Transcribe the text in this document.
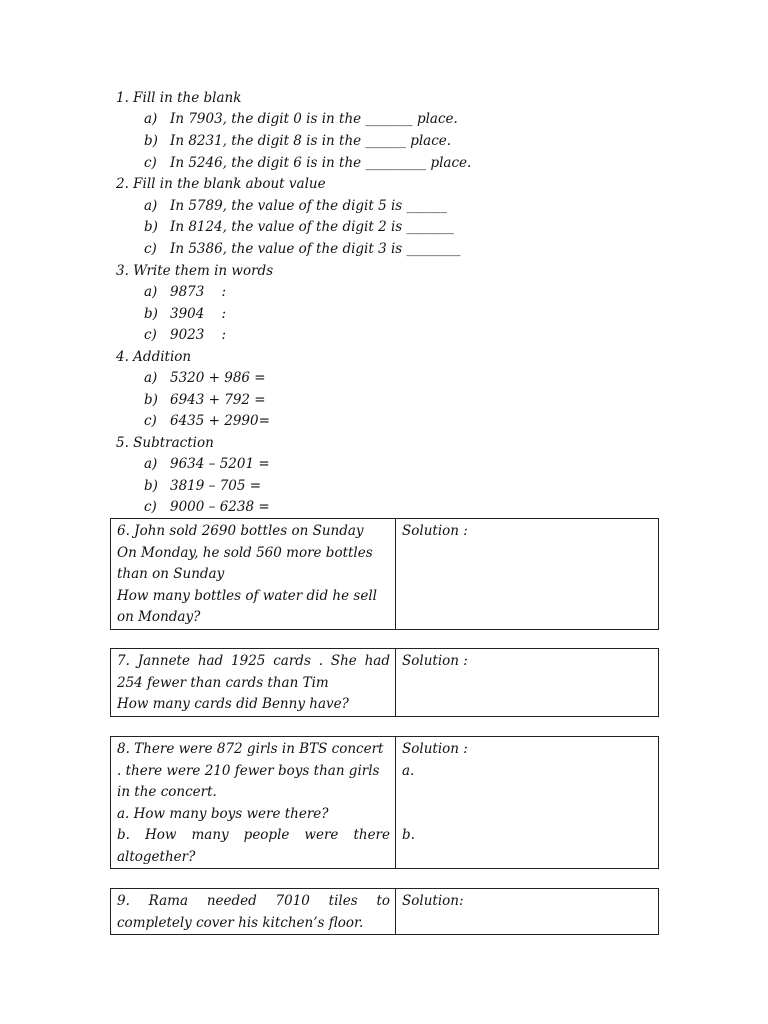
1. Fill in the blank
a) In 7903, the digit 0 is in the _______ place.
b) In 8231, the digit 8 is in the ______ place.
c) In 5246, the digit 6 is in the _________ place.
2. Fill in the blank about value
a) In 5789, the value of the digit 5 is ______
b) In 8124, the value of the digit 2 is _______
c) In 5386, the value of the digit 3 is ________
3. Write them in words
a) 9873    :
b) 3904    :
c) 9023    :
4. Addition
a) 5320 + 986 =
b) 6943 + 792 =
c) 6435 + 2990=
5. Subtraction
a) 9634 – 5201 =
b) 3819 – 705 =
c) 9000 – 6238 =
6. John sold 2690 bottles on Sunday
On Monday, he sold 560 more bottles
than on Sunday
How many bottles of water did he sell
on Monday?

Solution :
7. Jannete had 1925 cards . She had
254 fewer than cards than Tim
How many cards did Benny have?

Solution :
8. There were 872 girls in BTS concert
. there were 210 fewer boys than girls
in the concert.
a. How many boys were there?
b. How many people were there
altogether?

Solution :
a.
b.
9. Rama needed 7010 tiles to
completely cover his kitchen’s floor.

Solution:
